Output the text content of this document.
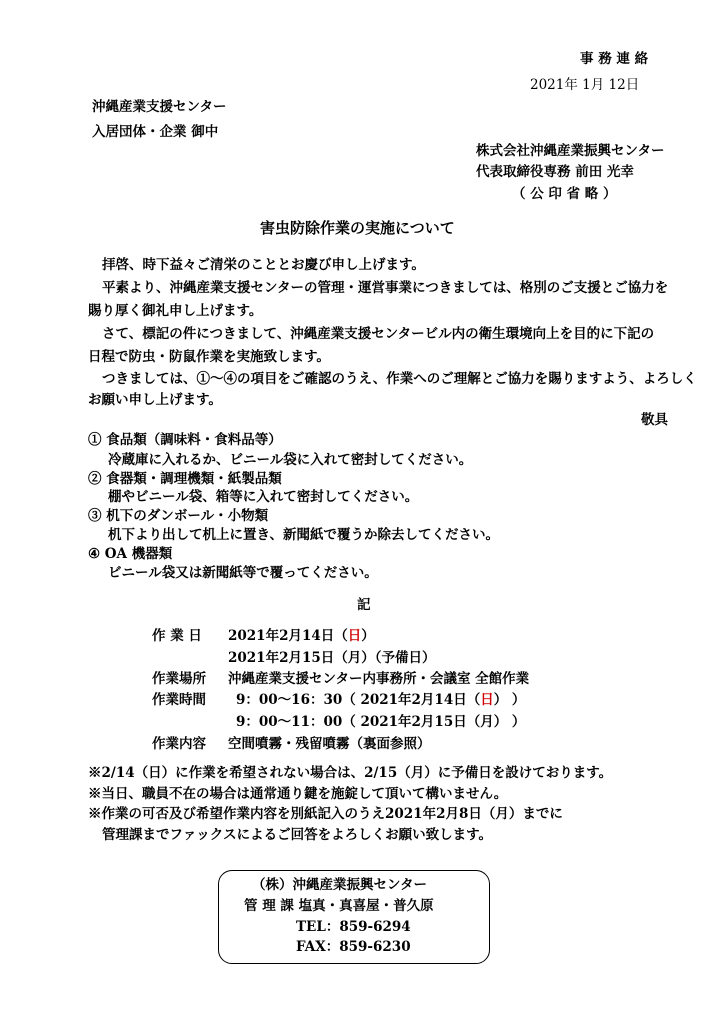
事 務 連 絡
2021年 1月 12日
沖縄産業支援センター
入居団体・企業 御中
株式会社沖縄産業振興センター
代表取締役専務 前田 光幸
（ 公 印 省 略 ）
害虫防除作業の実施について
拝啓、時下益々ご清栄のこととお慶び申し上げます。
平素より、沖縄産業支援センターの管理・運営事業につきましては、格別のご支援とご協力を
賜り厚く御礼申し上げます。
さて、標記の件につきまして、沖縄産業支援センタービル内の衛生環境向上を目的に下記の
日程で防虫・防鼠作業を実施致します。
つきましては、①～④の項目をご確認のうえ、作業へのご理解とご協力を賜りますよう、よろしく
お願い申し上げます。
敬具
① 食品類（調味料・食料品等）
冷蔵庫に入れるか、ビニール袋に入れて密封してください。
② 食器類・調理機類・紙製品類
棚やビニール袋、箱等に入れて密封してください。
③ 机下のダンボール・小物類
机下より出して机上に置き、新聞紙で覆うか除去してください。
④ OA 機器類
ビニール袋又は新聞紙等で覆ってください。
記
作 業 日 2021年2月14日（日）
2021年2月15日（月）（予備日）
作業場所 沖縄産業支援センター内事務所・会議室 全館作業
作業時間 9：00～16：30（ 2021年2月14日（日） ）
9：00～11：00（ 2021年2月15日（月） ）
作業内容 空間噴霧・残留噴霧（裏面参照）
※2/14（日）に作業を希望されない場合は、2/15（月）に予備日を設けております。
※当日、職員不在の場合は通常通り鍵を施錠して頂いて構いません。
※作業の可否及び希望作業内容を別紙記入のうえ2021年2月8日（月）までに
管理課までファックスによるご回答をよろしくお願い致します。
（株）沖縄産業振興センター
管 理 課 塩真・真喜屋・普久原
TEL：859-6294
FAX：859-6230
